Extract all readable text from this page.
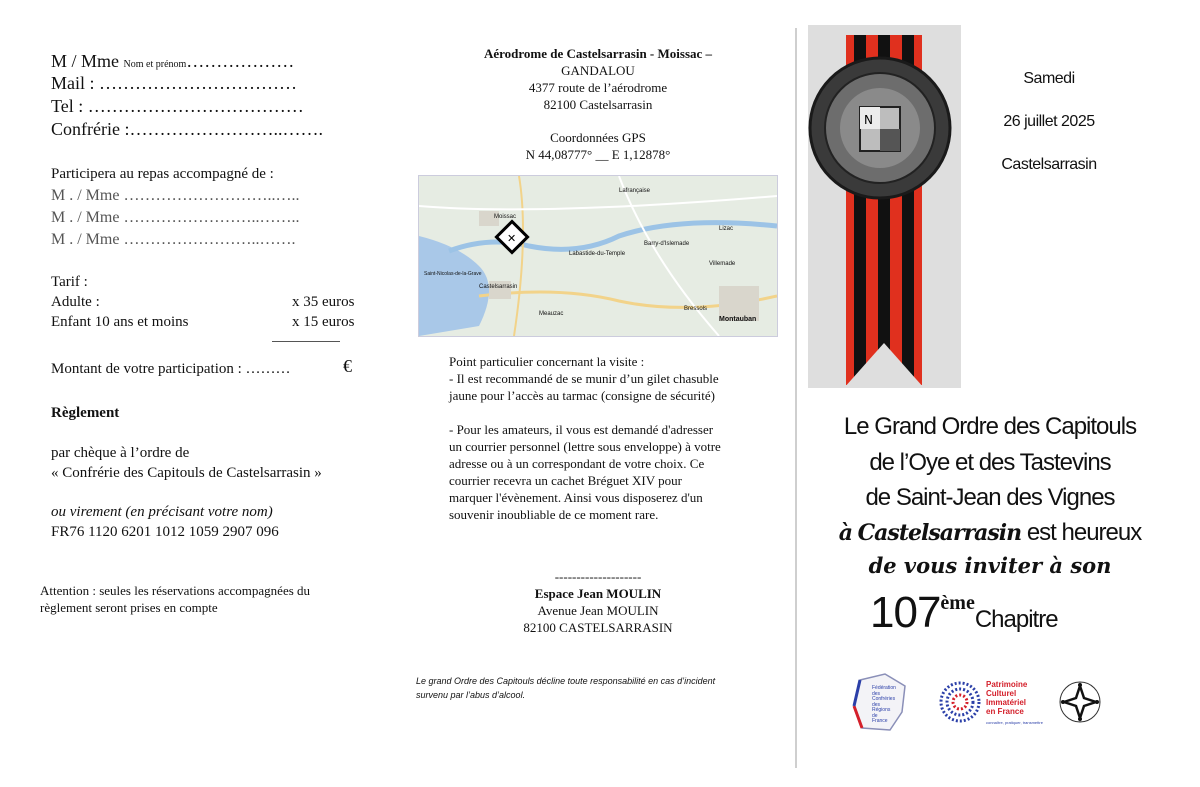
M / Mme Nom et prénom………………
Mail : ……………………………
Tel : ………………………………
Confrérie :……………………..…….
Participera au repas accompagné de :
M . / Mme ………………………..…..
M . / Mme ……………………..……..
M . / Mme ……………………..…….
Tarif :
Adulte :	x 35 euros
Enfant 10 ans et moins	x 15 euros
Montant de votre participation : ………	€
Règlement
par chèque à l’ordre de
« Confrérie des Capitouls de Castelsarrasin »
ou virement (en précisant votre nom)
FR76 1120 6201 1012 1059 2907 096
Attention : seules les réservations accompagnées du
règlement seront prises en compte
Aérodrome de Castelsarrasin - Moissac –
GANDALOU
4377 route de l’aérodrome
82100 Castelsarrasin
Coordonnées GPS
N 44,08777° __ E 1,12878°
✕
Moissac
Castelsarrasin
Montauban
Lafrançaise
Villemade
Saint-Nicolas-de-la-Grave
Labastide-du-Temple
Bressols
Lizac
Meauzac
Barry-d'Islemade
Point particulier concernant la visite :
- Il est recommandé de se munir d’un gilet chasuble
jaune pour l’accès au tarmac (consigne de sécurité)
- Pour les amateurs, il vous est demandé d'adresser
un courrier personnel (lettre sous enveloppe) à votre
adresse ou à un correspondant de votre choix. Ce
courrier recevra un cachet Bréguet XIV pour
marquer l'évènement. Ainsi vous disposerez d'un
souvenir inoubliable de ce moment rare.
--------------------
Espace Jean MOULIN
Avenue Jean MOULIN
82100 CASTELSARRASIN
Le grand Ordre des Capitouls décline toute responsabilité en cas d’incident
survenu par l’abus d’alcool.
N
Samedi
26 juillet 2025
Castelsarrasin
Le Grand Ordre des Capitouls
de l’Oye et des Tastevins
de Saint-Jean des Vignes
à Castelsarrasin est heureux
de vous inviter à son
107èmeChapitre
Fédération
des
Confréries
des
Régions
de
France
Patrimoine
Culturel
Immatériel
en France
connaître, pratiquer, transmettre
